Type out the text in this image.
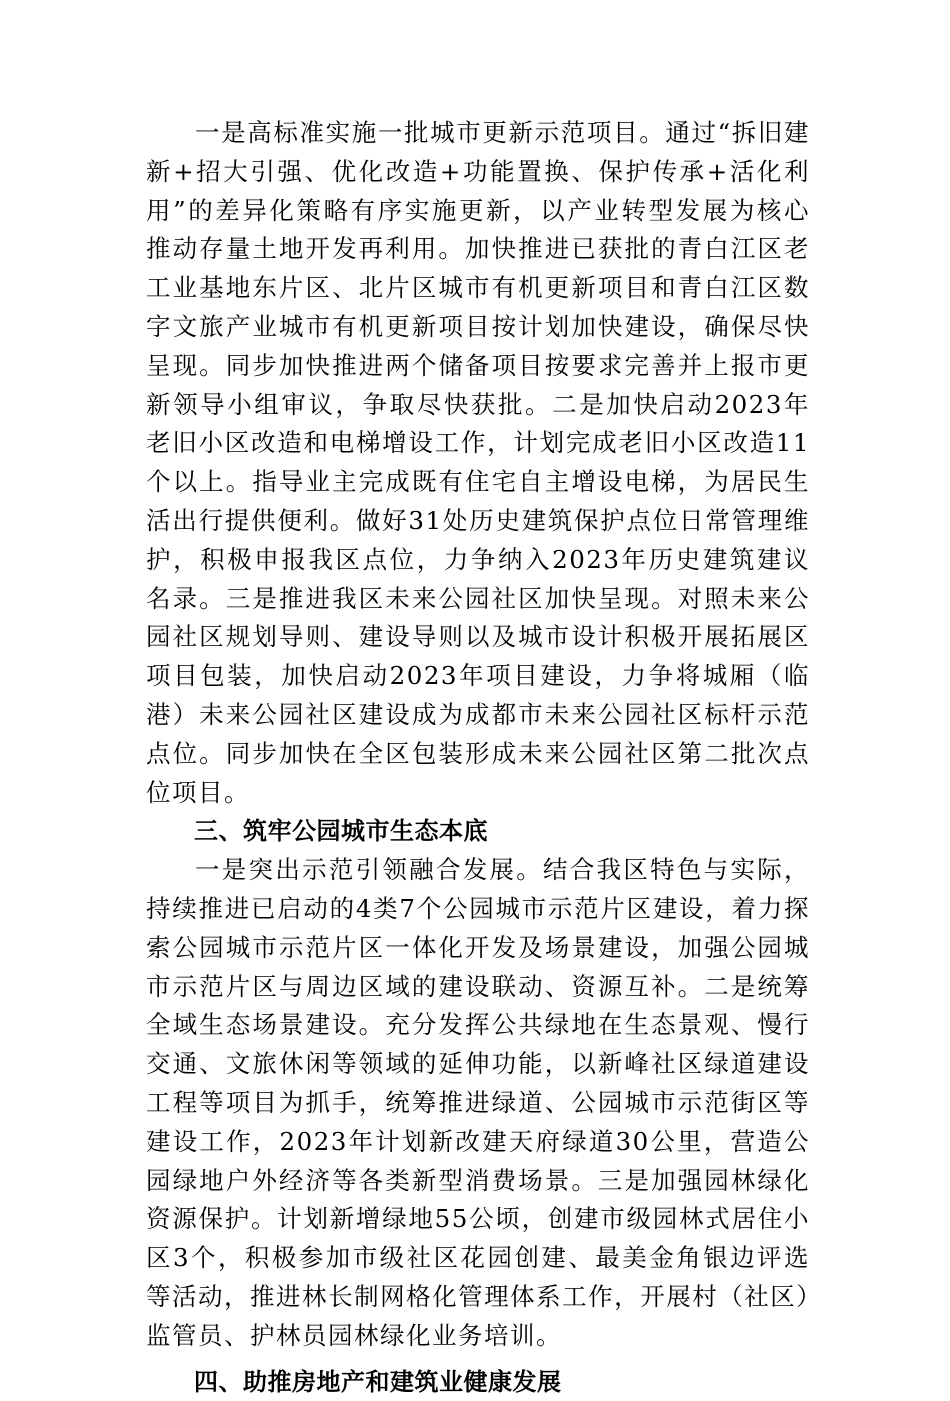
一是高标准实施一批城市更新示范项目。通过“拆旧建新+招大引强、优化改造+功能置换、保护传承+活化利用”的差异化策略有序实施更新，以产业转型发展为核心推动存量土地开发再利用。加快推进已获批的青白江区老工业基地东片区、北片区城市有机更新项目和青白江区数字文旅产业城市有机更新项目按计划加快建设，确保尽快呈现。同步加快推进两个储备项目按要求完善并上报市更新领导小组审议，争取尽快获批。二是加快启动2023年老旧小区改造和电梯增设工作，计划完成老旧小区改造11个以上。指导业主完成既有住宅自主增设电梯，为居民生活出行提供便利。做好31处历史建筑保护点位日常管理维护，积极申报我区点位，力争纳入2023年历史建筑建议名录。三是推进我区未来公园社区加快呈现。对照未来公园社区规划导则、建设导则以及城市设计积极开展拓展区项目包装，加快启动2023年项目建设，力争将城厢（临港）未来公园社区建设成为成都市未来公园社区标杆示范点位。同步加快在全区包装形成未来公园社区第二批次点位项目。

三、筑牢公园城市生态本底

一是突出示范引领融合发展。结合我区特色与实际，持续推进已启动的4类7个公园城市示范片区建设，着力探索公园城市示范片区一体化开发及场景建设，加强公园城市示范片区与周边区域的建设联动、资源互补。二是统筹全域生态场景建设。充分发挥公共绿地在生态景观、慢行交通、文旅休闲等领域的延伸功能，以新峰社区绿道建设工程等项目为抓手，统筹推进绿道、公园城市示范街区等建设工作，2023年计划新改建天府绿道30公里，营造公园绿地户外经济等各类新型消费场景。三是加强园林绿化资源保护。计划新增绿地55公顷，创建市级园林式居住小区3个，积极参加市级社区花园创建、最美金角银边评选等活动，推进林长制网格化管理体系工作，开展村（社区）监管员、护林员园林绿化业务培训。

四、助推房地产和建筑业健康发展
